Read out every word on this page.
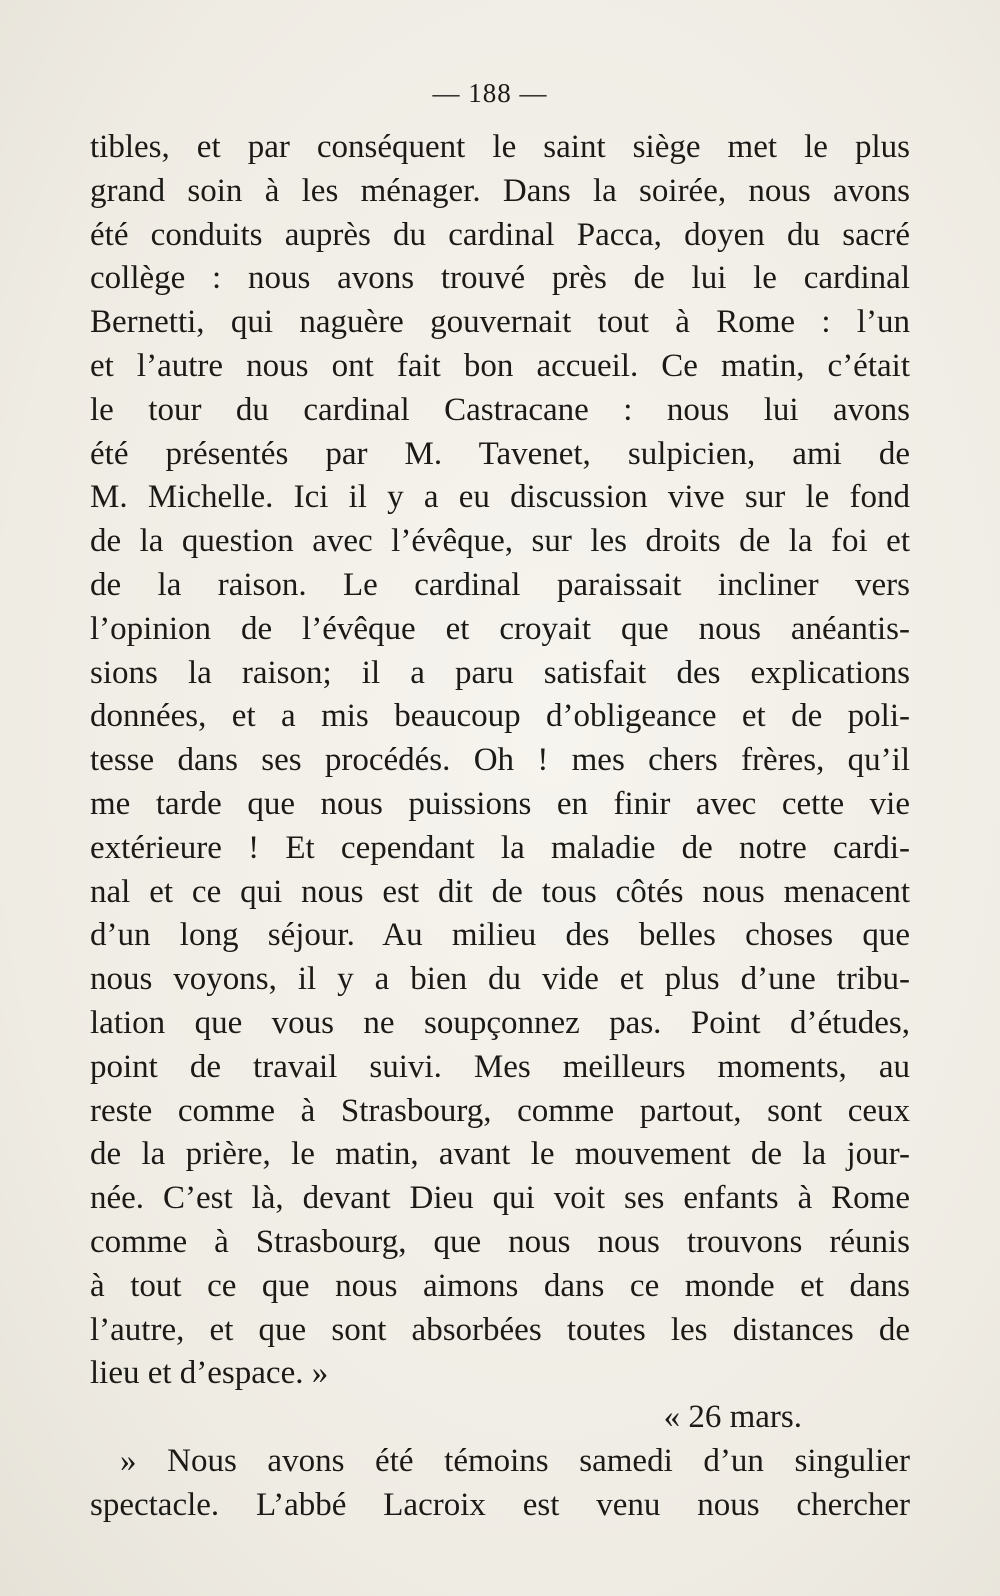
— 188 —
tibles, et par conséquent le saint siège met le plus
grand soin à les ménager. Dans la soirée, nous avons
été conduits auprès du cardinal Pacca, doyen du sacré
collège : nous avons trouvé près de lui le cardinal
Bernetti, qui naguère gouvernait tout à Rome : l’un
et l’autre nous ont fait bon accueil. Ce matin, c’était
le tour du cardinal Castracane : nous lui avons
été présentés par M. Tavenet, sulpicien, ami de
M. Michelle. Ici il y a eu discussion vive sur le fond
de la question avec l’évêque, sur les droits de la foi et
de la raison. Le cardinal paraissait incliner vers
l’opinion de l’évêque et croyait que nous anéantis-
sions la raison; il a paru satisfait des explications
données, et a mis beaucoup d’obligeance et de poli-
tesse dans ses procédés. Oh ! mes chers frères, qu’il
me tarde que nous puissions en finir avec cette vie
extérieure ! Et cependant la maladie de notre cardi-
nal et ce qui nous est dit de tous côtés nous menacent
d’un long séjour. Au milieu des belles choses que
nous voyons, il y a bien du vide et plus d’une tribu-
lation que vous ne soupçonnez pas. Point d’études,
point de travail suivi. Mes meilleurs moments, au
reste comme à Strasbourg, comme partout, sont ceux
de la prière, le matin, avant le mouvement de la jour-
née. C’est là, devant Dieu qui voit ses enfants à Rome
comme à Strasbourg, que nous nous trouvons réunis
à tout ce que nous aimons dans ce monde et dans
l’autre, et que sont absorbées toutes les distances de
lieu et d’espace. »
« 26 mars.
» Nous avons été témoins samedi d’un singulier
spectacle. L’abbé Lacroix est venu nous chercher
